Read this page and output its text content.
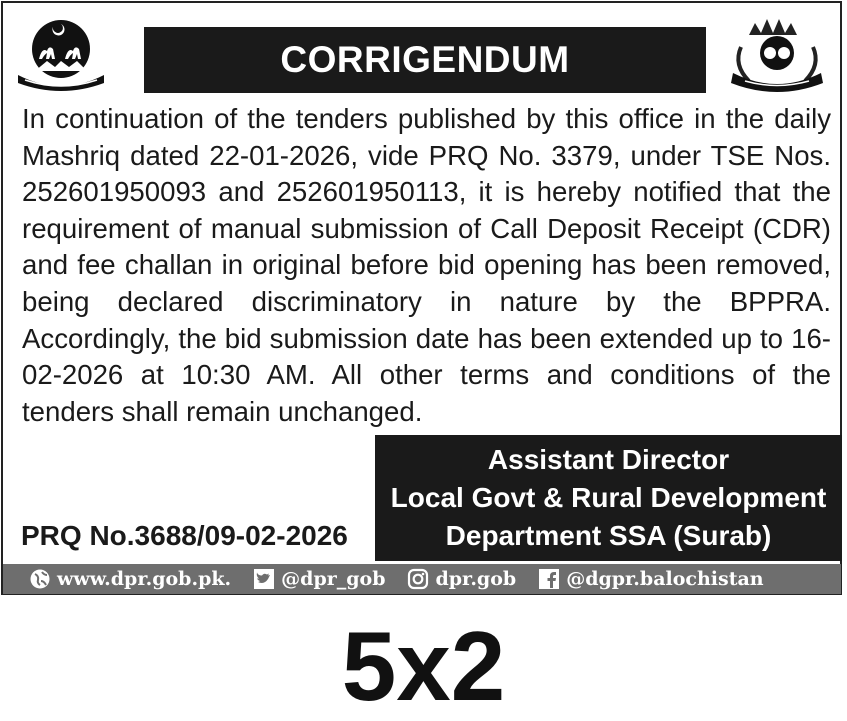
CORRIGENDUM

In continuation of the tenders published by this office in the daily Mashriq dated 22-01-2026, vide PRQ No. 3379, under TSE Nos. 252601950093 and 252601950113, it is hereby notified that the requirement of manual submission of Call Deposit Receipt (CDR) and fee challan in original before bid opening has been removed, being declared discriminatory in nature by the BPPRA. Accordingly, the bid submission date has been extended up to 16-02-2026 at 10:30 AM. All other terms and conditions of the tenders shall remain unchanged.

Assistant Director
Local Govt & Rural Development
Department SSA (Surab)
PRQ No.3688/09-02-2026
www.dpr.gob.pk.	@dpr_gob	dpr.gob	@dgpr.balochistan
5x2
